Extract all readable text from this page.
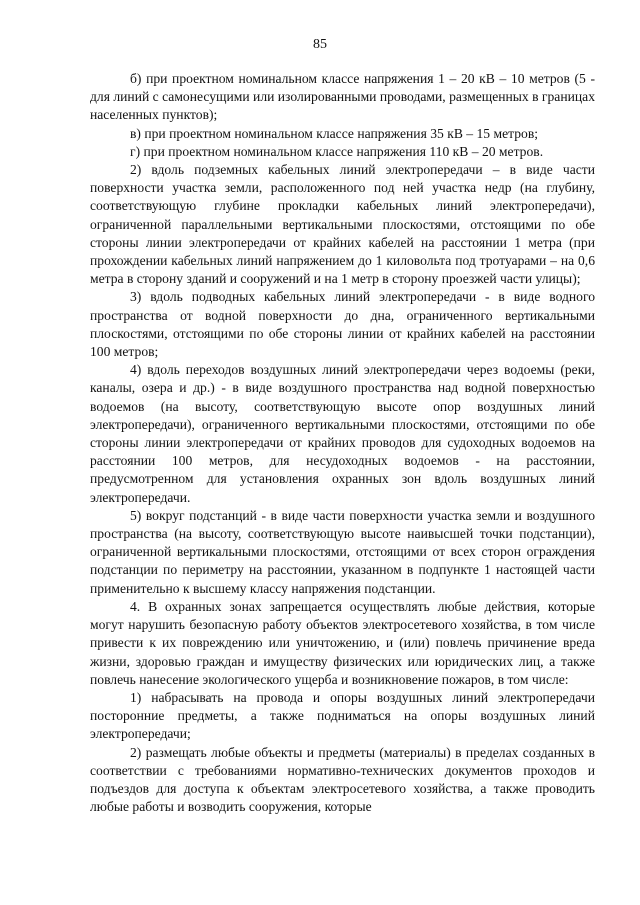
85

б) при проектном номинальном классе напряжения 1 – 20 кВ – 10 метров (5 - для линий с самонесущими или изолированными проводами, размещенных в границах населенных пунктов);

в) при проектном номинальном классе напряжения 35 кВ – 15 метров;

г) при проектном номинальном классе напряжения 110 кВ – 20 метров.

2) вдоль подземных кабельных линий электропередачи – в виде части поверхности участка земли, расположенного под ней участка недр (на глубину, соответствующую глубине прокладки кабельных линий электропередачи), ограниченной параллельными вертикальными плоскостями, отстоящими по обе стороны линии электропередачи от крайних кабелей на расстоянии 1 метра (при прохождении кабельных линий напряжением до 1 киловольта под тротуарами – на 0,6 метра в сторону зданий и сооружений и на 1 метр в сторону проезжей части улицы);

3) вдоль подводных кабельных линий электропередачи - в виде водного пространства от водной поверхности до дна, ограниченного вертикальными плоскостями, отстоящими по обе стороны линии от крайних кабелей на расстоянии 100 метров;

4) вдоль переходов воздушных линий электропередачи через водоемы (реки, каналы, озера и др.) - в виде воздушного пространства над водной поверхностью водоемов (на высоту, соответствующую высоте опор воздушных линий электропередачи), ограниченного вертикальными плоскостями, отстоящими по обе стороны линии электропередачи от крайних проводов для судоходных водоемов на расстоянии 100 метров, для несудоходных водоемов - на расстоянии, предусмотренном для установления охранных зон вдоль воздушных линий электропередачи.

5) вокруг подстанций - в виде части поверхности участка земли и воздушного пространства (на высоту, соответствующую высоте наивысшей точки подстанции), ограниченной вертикальными плоскостями, отстоящими от всех сторон ограждения подстанции по периметру на расстоянии, указанном в подпункте 1 настоящей части применительно к высшему классу напряжения подстанции.

4. В охранных зонах запрещается осуществлять любые действия, которые могут нарушить безопасную работу объектов электросетевого хозяйства, в том числе привести к их повреждению или уничтожению, и (или) повлечь причинение вреда жизни, здоровью граждан и имуществу физических или юридических лиц, а также повлечь нанесение экологического ущерба и возникновение пожаров, в том числе:

1) набрасывать на провода и опоры воздушных линий электропередачи посторонние предметы, а также подниматься на опоры воздушных линий электропередачи;

2) размещать любые объекты и предметы (материалы) в пределах созданных в соответствии с требованиями нормативно-технических документов проходов и подъездов для доступа к объектам электросетевого хозяйства, а также проводить любые работы и возводить сооружения, которые
